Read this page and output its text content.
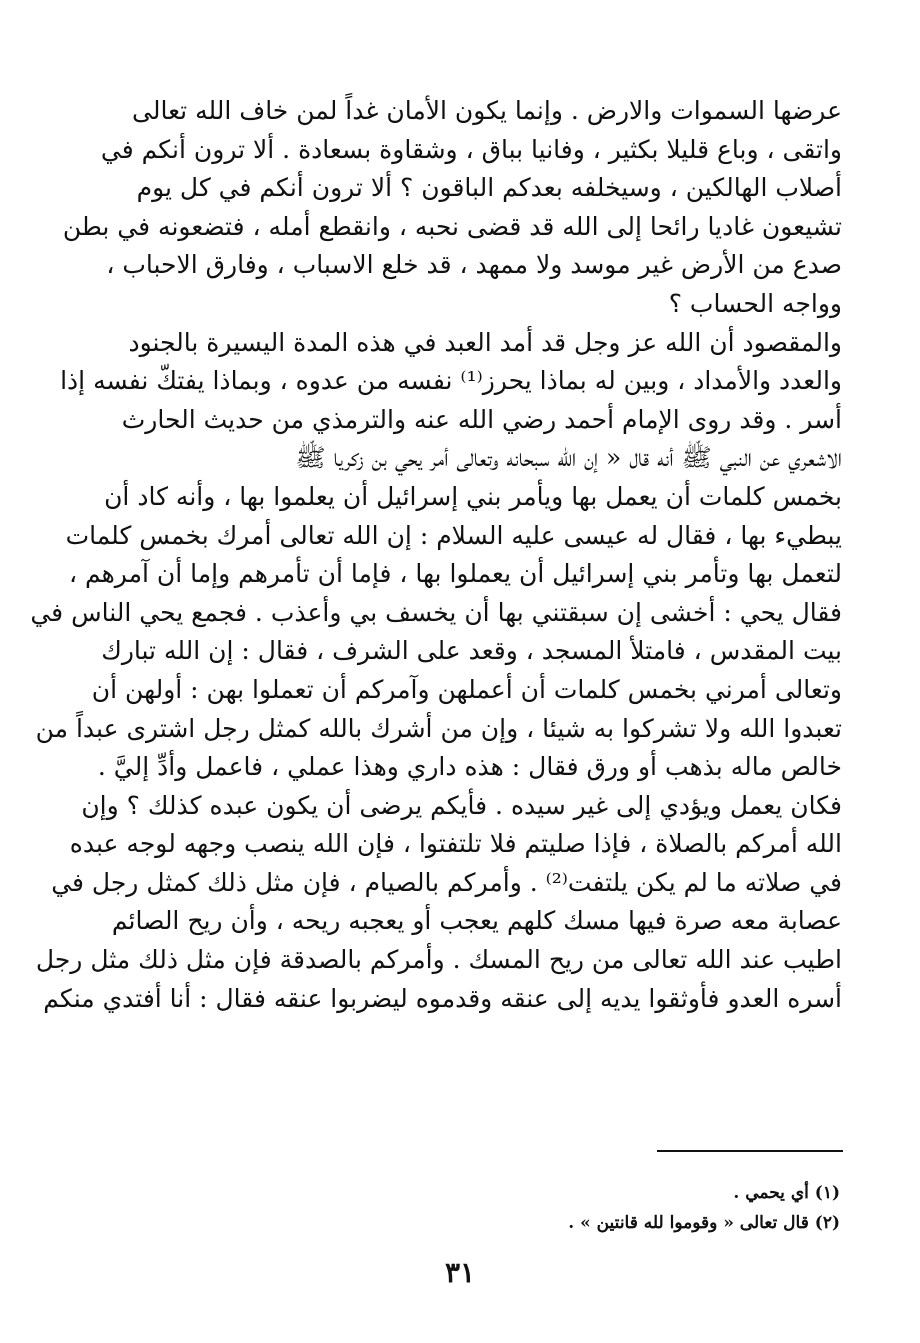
عرضها السموات والارض . وإنما يكون الأمان غداً لمن خاف الله تعالى
واتقى ، وباع قليلا بكثير ، وفانيا بباق ، وشقاوة بسعادة . ألا ترون أنكم في
أصلاب الهالكين ، وسيخلفه بعدكم الباقون ؟ ألا ترون أنكم في كل يوم
تشيعون غاديا رائحا إلى الله قد قضى نحبه ، وانقطع أمله ، فتضعونه في بطن
صدع من الأرض غير موسد ولا ممهد ، قد خلع الاسباب ، وفارق الاحباب ،
وواجه الحساب ؟
والمقصود أن الله عز وجل قد أمد العبد في هذه المدة اليسيرة بالجنود
والعدد والأمداد ، وبين له بماذا يحرز⁽¹⁾ نفسه من عدوه ، وبماذا يفتكّ نفسه إذا
أسر . وقد روى الإمام أحمد رضي الله عنه والترمذي من حديث الحارث
الاشعري عن النبي ﷺ أنه قال « إن الله سبحانه وتعالى أمر يحي بن زكريا ﷺ
بخمس كلمات أن يعمل بها ويأمر بني إسرائيل أن يعلموا بها ، وأنه كاد أن
يبطيء بها ، فقال له عيسى عليه السلام : إن الله تعالى أمرك بخمس كلمات
لتعمل بها وتأمر بني إسرائيل أن يعملوا بها ، فإما أن تأمرهم وإما أن آمرهم ،
فقال يحي : أخشى إن سبقتني بها أن يخسف بي وأعذب . فجمع يحي الناس في
بيت المقدس ، فامتلأ المسجد ، وقعد على الشرف ، فقال : إن الله تبارك
وتعالى أمرني بخمس كلمات أن أعملهن وآمركم أن تعملوا بهن : أولهن أن
تعبدوا الله ولا تشركوا به شيئا ، وإن من أشرك بالله كمثل رجل اشترى عبداً من
خالص ماله بذهب أو ورق فقال : هذه داري وهذا عملي ، فاعمل وأدِّ إليَّ .
فكان يعمل ويؤدي إلى غير سيده . فأيكم يرضى أن يكون عبده كذلك ؟ وإن
الله أمركم بالصلاة ، فإذا صليتم فلا تلتفتوا ، فإن الله ينصب وجهه لوجه عبده
في صلاته ما لم يكن يلتفت⁽²⁾ . وأمركم بالصيام ، فإن مثل ذلك كمثل رجل في
عصابة معه صرة فيها مسك كلهم يعجب أو يعجبه ريحه ، وأن ريح الصائم
اطيب عند الله تعالى من ريح المسك . وأمركم بالصدقة فإن مثل ذلك مثل رجل
أسره العدو فأوثقوا يديه إلى عنقه وقدموه ليضربوا عنقه فقال : أنا أفتدي منكم
(١) أي يحمي .
(٢) قال تعالى « وقوموا لله قانتين » .
٣١
